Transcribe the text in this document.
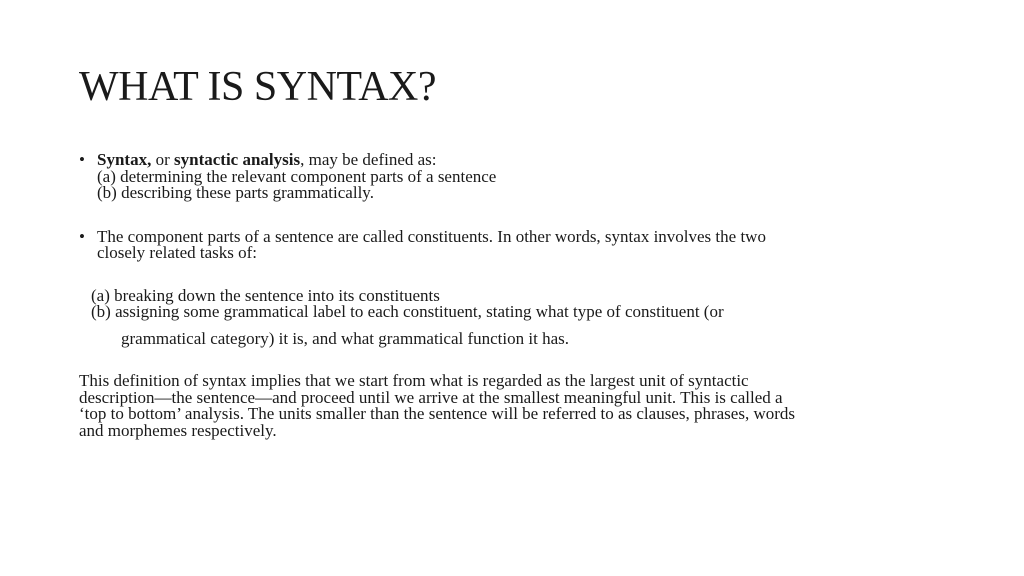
WHAT IS SYNTAX?
• Syntax, or syntactic analysis, may be defined as:
(a) determining the relevant component parts of a sentence
(b) describing these parts grammatically.
• The component parts of a sentence are called constituents. In other words, syntax involves the two
closely related tasks of:
(a) breaking down the sentence into its constituents
(b) assigning some grammatical label to each constituent, stating what type of constituent (or
grammatical category) it is, and what grammatical function it has.
This definition of syntax implies that we start from what is regarded as the largest unit of syntactic
description—the sentence—and proceed until we arrive at the smallest meaningful unit. This is called a
‘top to bottom’ analysis. The units smaller than the sentence will be referred to as clauses, phrases, words
and morphemes respectively.
